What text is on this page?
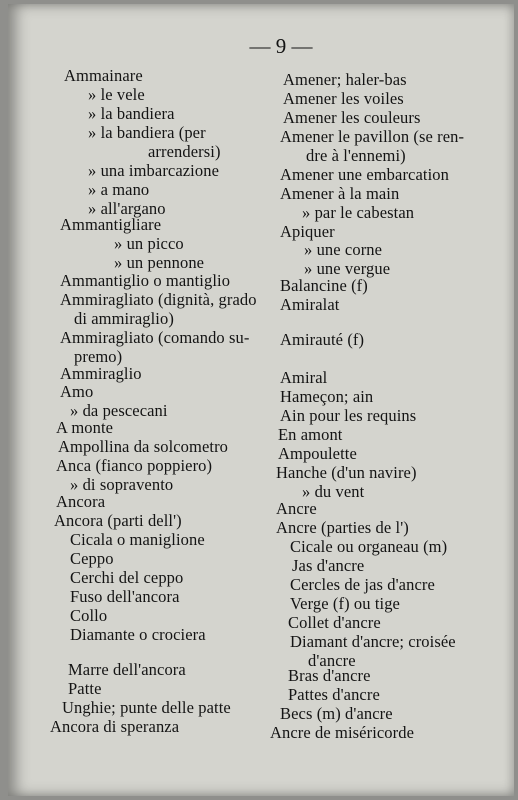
— 9 —
Ammainare
» le vele
» la bandiera
» la bandiera (per
arrendersi)
» una imbarcazione
» a mano
» all'argano
Ammantigliare
» un picco
» un pennone
Ammantiglio o mantiglio
Ammiragliato (dignità, grado
di ammiraglio)
Ammiragliato (comando su-
premo)
Ammiraglio
Amo
» da pescecani
A monte
Ampollina da solcometro
Anca (fianco poppiero)
» di sopravento
Ancora
Ancora (parti dell')
Cicala o maniglione
Ceppo
Cerchi del ceppo
Fuso dell'ancora
Collo
Diamante o crociera
Marre dell'ancora
Patte
Unghie; punte delle patte
Ancora di speranza
Amener; haler-bas
Amener les voiles
Amener les couleurs
Amener le pavillon (se ren-
dre à l'ennemi)
Amener une embarcation
Amener à la main
» par le cabestan
Apiquer
» une corne
» une vergue
Balancine (f)
Amiralat
Amirauté (f)
Amiral
Hameçon; ain
Ain pour les requins
En amont
Ampoulette
Hanche (d'un navire)
» du vent
Ancre
Ancre (parties de l')
Cicale ou organeau (m)
Jas d'ancre
Cercles de jas d'ancre
Verge (f) ou tige
Collet d'ancre
Diamant d'ancre; croisée
d'ancre
Bras d'ancre
Pattes d'ancre
Becs (m) d'ancre
Ancre de miséricorde
